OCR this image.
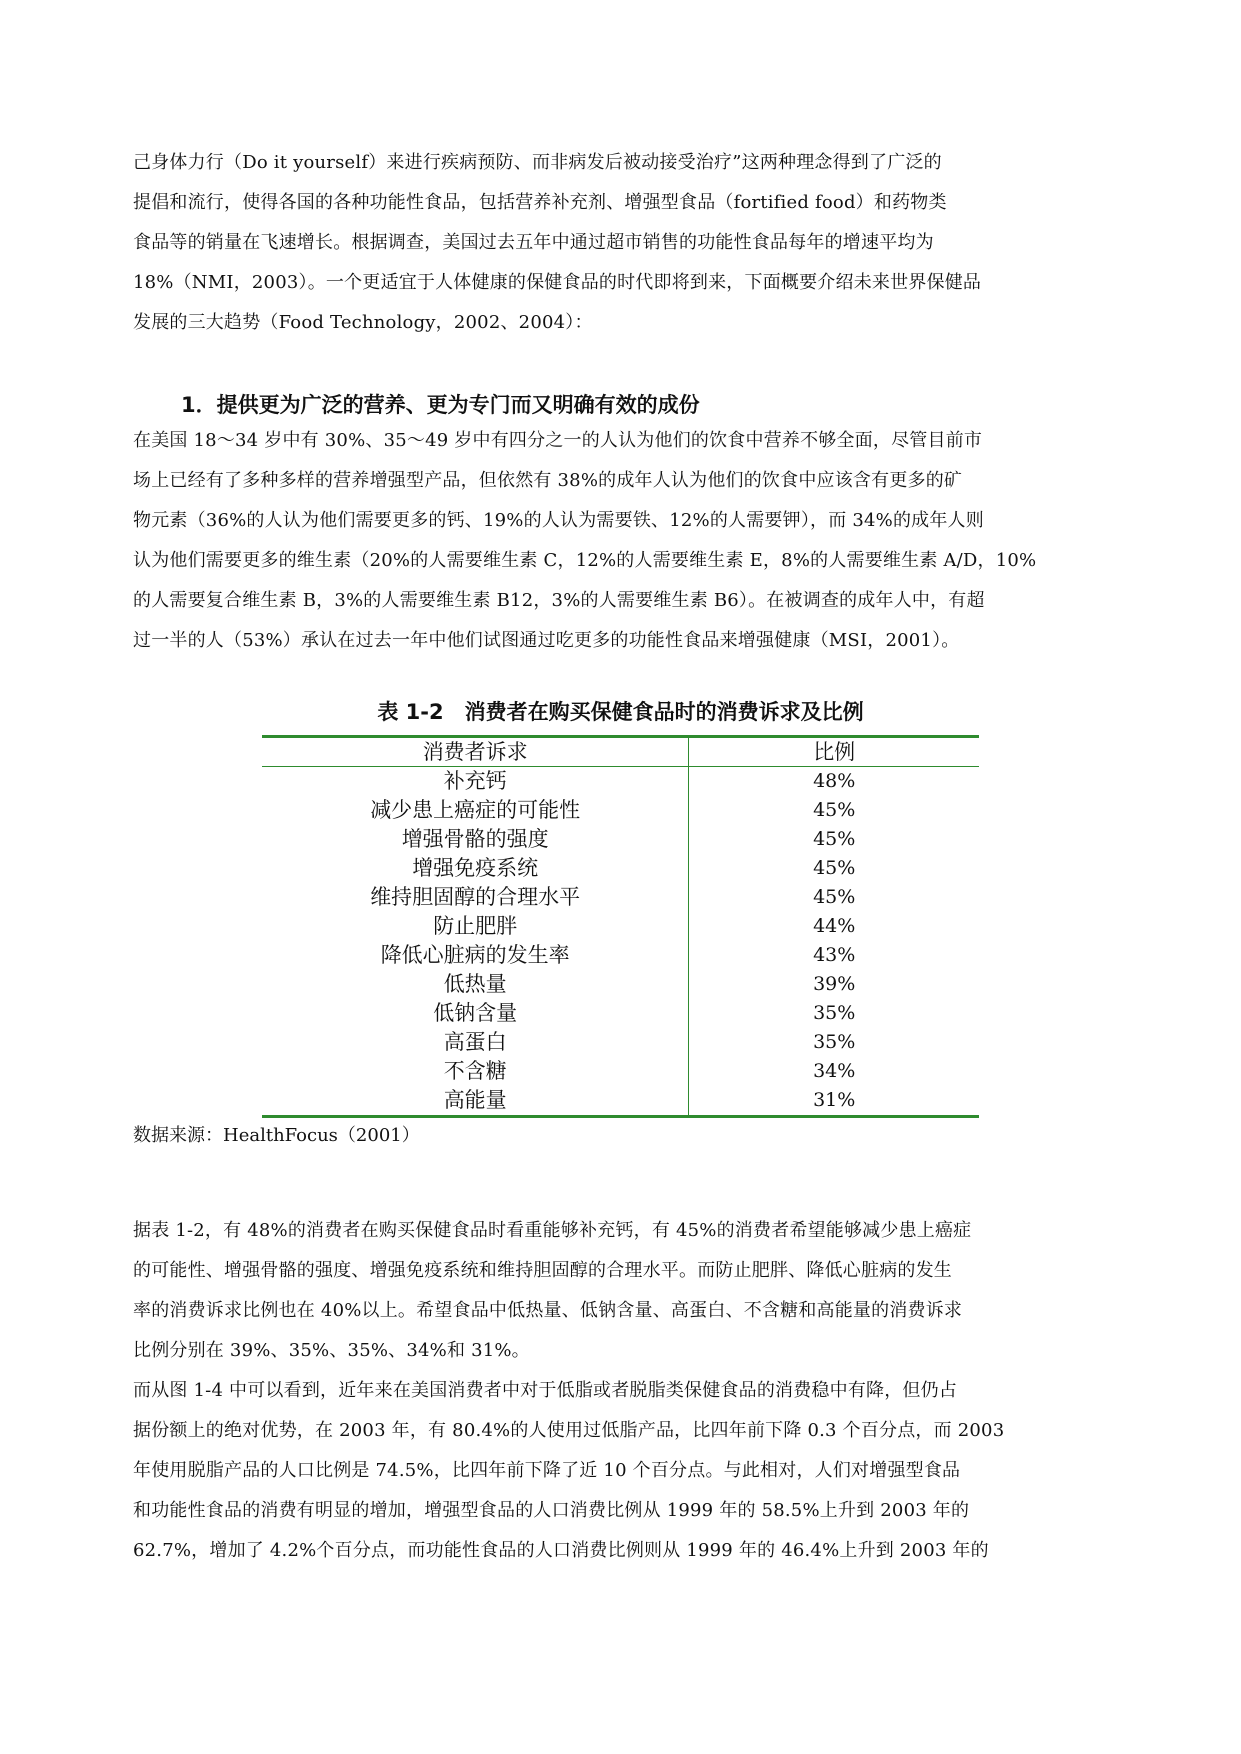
己身体力行（Do it yourself）来进行疾病预防、而非病发后被动接受治疗”这两种理念得到了广泛的
提倡和流行，使得各国的各种功能性食品，包括营养补充剂、增强型食品（fortified food）和药物类
食品等的销量在飞速增长。根据调查，美国过去五年中通过超市销售的功能性食品每年的增速平均为
18%（NMI，2003）。一个更适宜于人体健康的保健食品的时代即将到来，下面概要介绍未来世界保健品
发展的三大趋势（Food Technology，2002、2004）：

1．提供更为广泛的营养、更为专门而又明确有效的成份

在美国 18～34 岁中有 30%、35～49 岁中有四分之一的人认为他们的饮食中营养不够全面，尽管目前市
场上已经有了多种多样的营养增强型产品，但依然有 38%的成年人认为他们的饮食中应该含有更多的矿
物元素（36%的人认为他们需要更多的钙、19%的人认为需要铁、12%的人需要钾），而 34%的成年人则
认为他们需要更多的维生素（20%的人需要维生素 C，12%的人需要维生素 E，8%的人需要维生素 A/D，10%
的人需要复合维生素 B，3%的人需要维生素 B12，3%的人需要维生素 B6）。在被调查的成年人中，有超
过一半的人（53%）承认在过去一年中他们试图通过吃更多的功能性食品来增强健康（MSI，2001）。

表 1-2　消费者在购买保健食品时的消费诉求及比例
消费者诉求	比例
补充钙	48%
减少患上癌症的可能性	45%
增强骨骼的强度	45%
增强免疫系统	45%
维持胆固醇的合理水平	45%
防止肥胖	44%
降低心脏病的发生率	43%
低热量	39%
低钠含量	35%
高蛋白	35%
不含糖	34%
高能量	31%
数据来源：HealthFocus（2001）

据表 1-2，有 48%的消费者在购买保健食品时看重能够补充钙，有 45%的消费者希望能够减少患上癌症
的可能性、增强骨骼的强度、增强免疫系统和维持胆固醇的合理水平。而防止肥胖、降低心脏病的发生
率的消费诉求比例也在 40%以上。希望食品中低热量、低钠含量、高蛋白、不含糖和高能量的消费诉求
比例分别在 39%、35%、35%、34%和 31%。

而从图 1-4 中可以看到，近年来在美国消费者中对于低脂或者脱脂类保健食品的消费稳中有降，但仍占
据份额上的绝对优势，在 2003 年，有 80.4%的人使用过低脂产品，比四年前下降 0.3 个百分点，而 2003
年使用脱脂产品的人口比例是 74.5%，比四年前下降了近 10 个百分点。与此相对，人们对增强型食品
和功能性食品的消费有明显的增加，增强型食品的人口消费比例从 1999 年的 58.5%上升到 2003 年的
62.7%，增加了 4.2%个百分点，而功能性食品的人口消费比例则从 1999 年的 46.4%上升到 2003 年的
